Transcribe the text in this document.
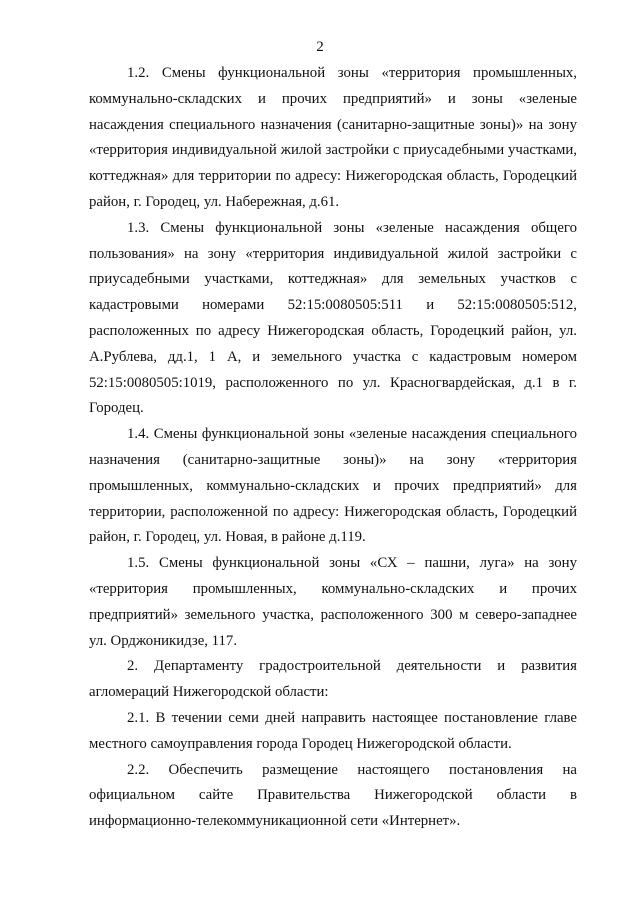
2

1.2. Смены функциональной зоны «территория промышленных, коммунально-складских и прочих предприятий» и зоны «зеленые насаждения специального назначения (санитарно-защитные зоны)» на зону «территория индивидуальной жилой застройки с приусадебными участками, коттеджная» для территории по адресу: Нижегородская область, Городецкий район, г. Городец, ул. Набережная, д.61.

1.3. Смены функциональной зоны «зеленые насаждения общего пользования» на зону «территория индивидуальной жилой застройки с приусадебными участками, коттеджная» для земельных участков с кадастровыми номерами 52:15:0080505:511 и 52:15:0080505:512, расположенных по адресу Нижегородская область, Городецкий район, ул. А.Рублева, дд.1, 1 А, и земельного участка с кадастровым номером 52:15:0080505:1019, расположенного по ул. Красногвардейская, д.1 в г. Городец.

1.4. Смены функциональной зоны «зеленые насаждения специального назначения (санитарно-защитные зоны)» на зону «территория промышленных, коммунально-складских и прочих предприятий» для территории, расположенной по адресу: Нижегородская область, Городецкий район, г. Городец, ул. Новая, в районе д.119.

1.5. Смены функциональной зоны «СХ – пашни, луга» на зону «территория промышленных, коммунально-складских и прочих предприятий» земельного участка, расположенного 300 м северо-западнее ул. Орджоникидзе, 117.

2. Департаменту градостроительной деятельности и развития агломераций Нижегородской области:

2.1. В течении семи дней направить настоящее постановление главе местного самоуправления города Городец Нижегородской области.

2.2. Обеспечить размещение настоящего постановления на официальном сайте Правительства Нижегородской области в информационно-телекоммуникационной сети «Интернет».
